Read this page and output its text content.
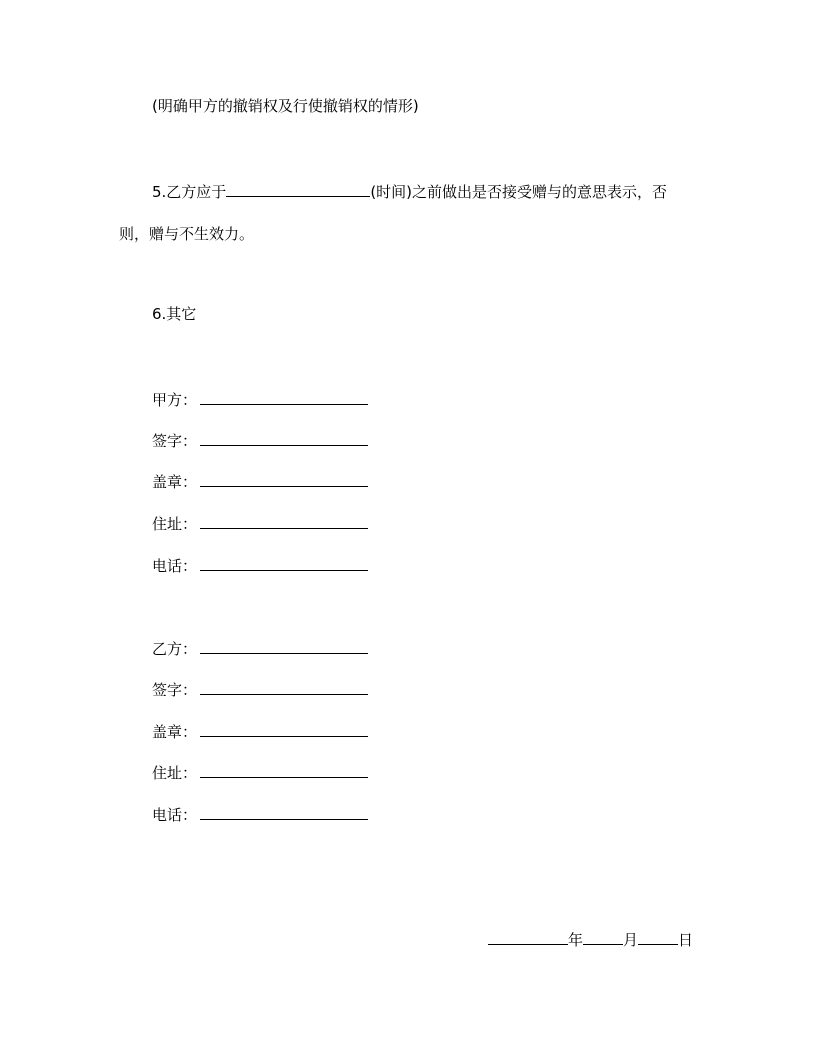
(明确甲方的撤销权及行使撤销权的情形)
5.乙方应于	(时间)之前做出是否接受赠与的意思表示，否
则，赠与不生效力。
6.其它
甲方：
签字：
盖章：
住址：
电话：
乙方：
签字：
盖章：
住址：
电话：
年	月	日
